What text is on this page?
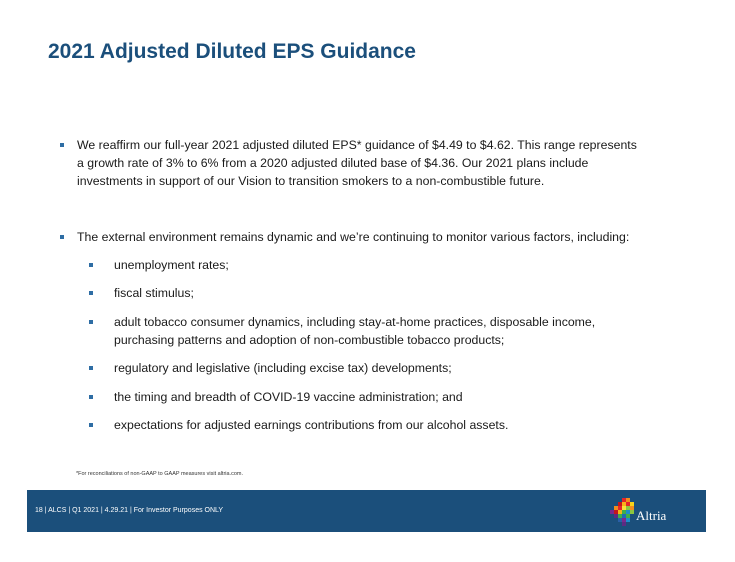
2021 Adjusted Diluted EPS Guidance
We reaffirm our full-year 2021 adjusted diluted EPS* guidance of $4.49 to $4.62. This range represents
a growth rate of 3% to 6% from a 2020 adjusted diluted base of $4.36. Our 2021 plans include
investments in support of our Vision to transition smokers to a non-combustible future.
The external environment remains dynamic and we’re continuing to monitor various factors, including:
unemployment rates;
fiscal stimulus;
adult tobacco consumer dynamics, including stay-at-home practices, disposable income,
purchasing patterns and adoption of non-combustible tobacco products;
regulatory and legislative (including excise tax) developments;
the timing and breadth of COVID-19 vaccine administration; and
expectations for adjusted earnings contributions from our alcohol assets.
*For reconciliations of non-GAAP to GAAP measures visit altria.com.
18 | ALCS | Q1 2021 | 4.29.21 | For Investor Purposes ONLY	Altria
